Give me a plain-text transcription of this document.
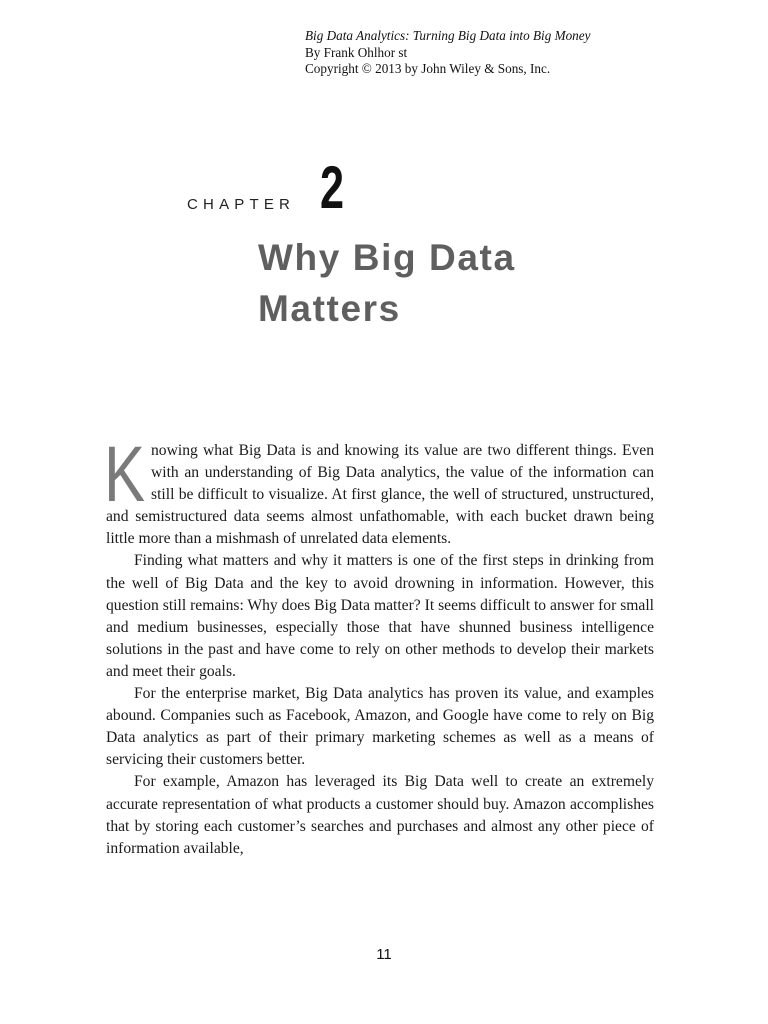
Big Data Analytics: Turning Big Data into Big Money
By Frank Ohlhor st
Copyright © 2013 by John Wiley & Sons, Inc.
CHAPTER 2
Why Big Data
Matters

Knowing what Big Data is and knowing its value are two different things. Even with an understanding of Big Data analytics, the value of the information can still be difficult to visualize. At first glance, the well of structured, unstructured, and semistructured data seems almost unfathomable, with each bucket drawn being little more than a mishmash of unrelated data elements.

Finding what matters and why it matters is one of the first steps in drinking from the well of Big Data and the key to avoid drowning in information. However, this question still remains: Why does Big Data matter? It seems difficult to answer for small and medium businesses, especially those that have shunned business intelligence solutions in the past and have come to rely on other methods to develop their markets and meet their goals.

For the enterprise market, Big Data analytics has proven its value, and examples abound. Companies such as Facebook, Amazon, and Google have come to rely on Big Data analytics as part of their primary marketing schemes as well as a means of servicing their customers better.

For example, Amazon has leveraged its Big Data well to create an extremely accurate representation of what products a customer should buy. Amazon accomplishes that by storing each customer’s searches and purchases and almost any other piece of information available,

11
